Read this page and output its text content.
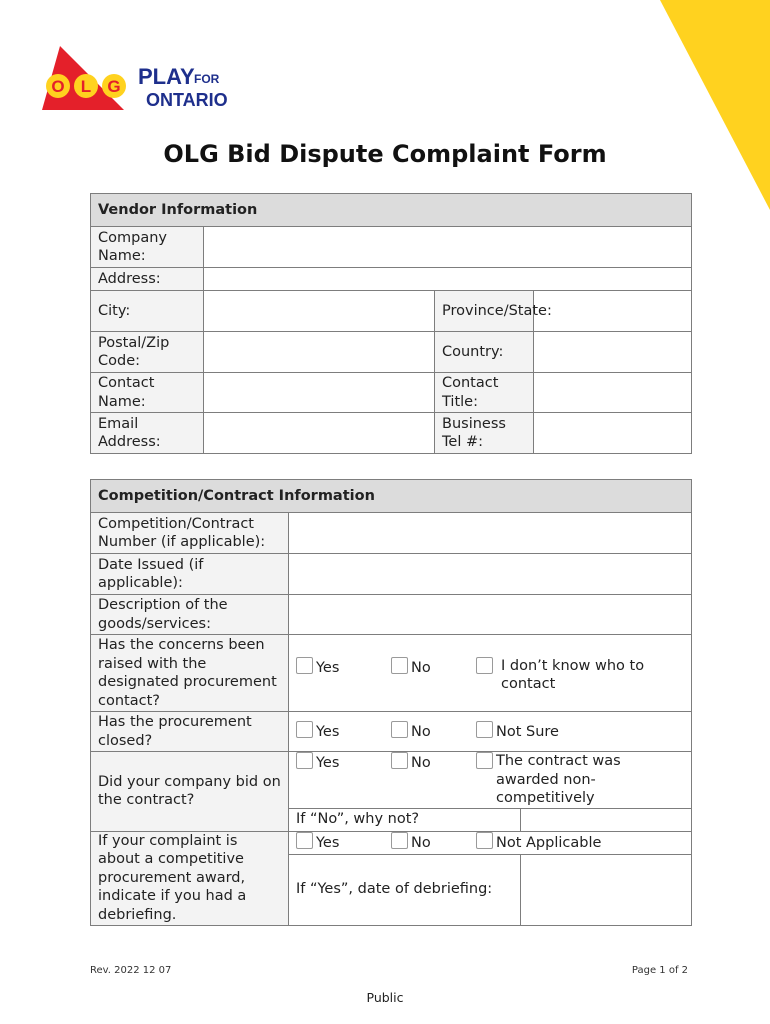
O L G PLAY FOR
ONTARIO
OLG Bid Dispute Complaint Form
Vendor Information			
Company Name:			
Address:			
City:		Province/State:	
Postal/Zip Code:		Country:	
Contact Name:		Contact Title:	
Email Address:		Business Tel #:	
Competition/Contract Information		
Competition/Contract Number (if applicable):		
Date Issued (if applicable):		
Description of the goods/services:		
Has the concerns been raised with the designated procurement contact?	Yes No I don’t know who to contact	

Has the procurement closed?	Yes No Not Sure	

Did your company bid on the contract?	Yes No The contract was awarded non-competitively	

	If “No”, why not?	
If your complaint is about a competitive procurement award, indicate if you had a debriefing.	Yes No Not Applicable	

	If “Yes”, date of debriefing:	
Rev. 2022 12 07	Page 1 of 2
Public
